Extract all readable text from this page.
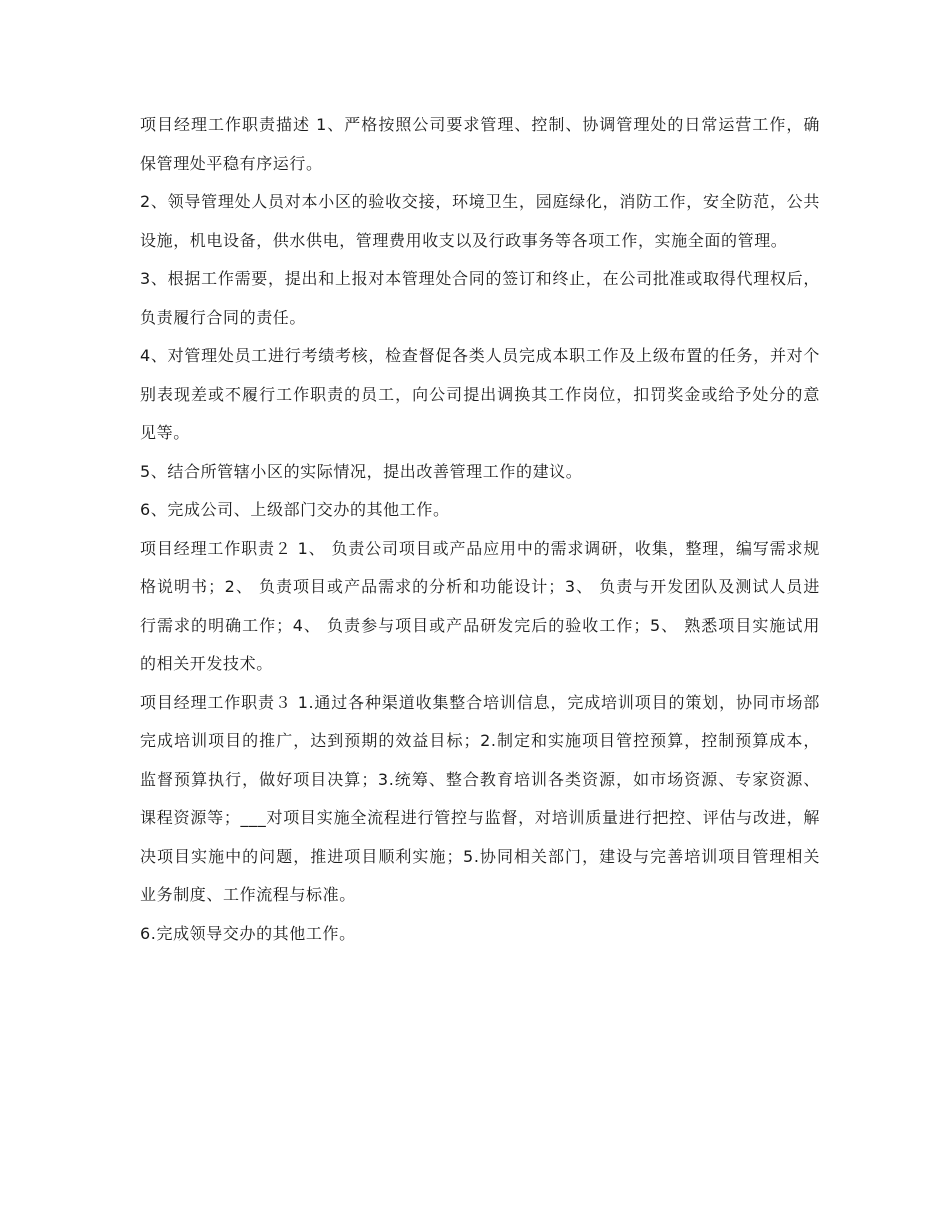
项目经理工作职责描述 1、严格按照公司要求管理、控制、协调管理处的日常运营工作，确保管理处平稳有序运行。

2、领导管理处人员对本小区的验收交接，环境卫生，园庭绿化，消防工作，安全防范，公共设施，机电设备，供水供电，管理费用收支以及行政事务等各项工作，实施全面的管理。

3、根据工作需要，提出和上报对本管理处合同的签订和终止，在公司批准或取得代理权后，负责履行合同的责任。

4、对管理处员工进行考绩考核，检查督促各类人员完成本职工作及上级布置的任务，并对个别表现差或不履行工作职责的员工，向公司提出调换其工作岗位，扣罚奖金或给予处分的意见等。

5、结合所管辖小区的实际情况，提出改善管理工作的建议。

6、完成公司、上级部门交办的其他工作。

项目经理工作职责２ 1、 负责公司项目或产品应用中的需求调研，收集，整理，编写需求规格说明书；2、 负责项目或产品需求的分析和功能设计；3、 负责与开发团队及测试人员进行需求的明确工作；4、 负责参与项目或产品研发完后的验收工作；5、 熟悉项目实施试用的相关开发技术。

项目经理工作职责３ 1.通过各种渠道收集整合培训信息，完成培训项目的策划，协同市场部完成培训项目的推广，达到预期的效益目标；2.制定和实施项目管控预算，控制预算成本，监督预算执行，做好项目决算；3.统筹、整合教育培训各类资源，如市场资源、专家资源、课程资源等；___对项目实施全流程进行管控与监督，对培训质量进行把控、评估与改进，解决项目实施中的问题，推进项目顺利实施；5.协同相关部门，建设与完善培训项目管理相关业务制度、工作流程与标准。

6.完成领导交办的其他工作。
